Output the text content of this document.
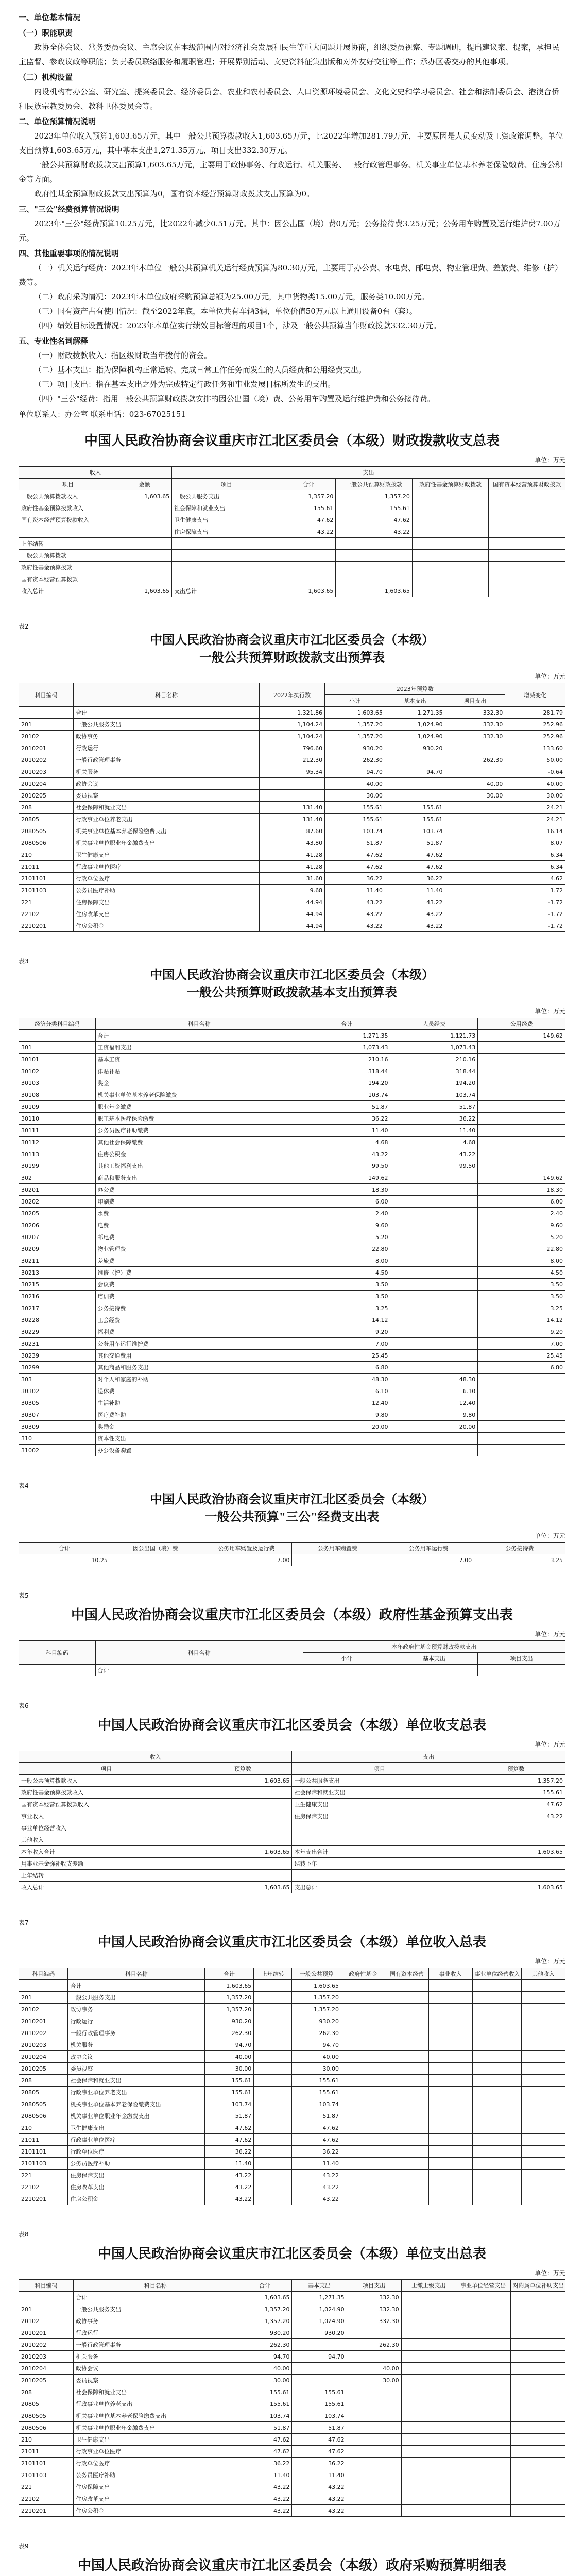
一、单位基本情况

（一）职能职责

政协全体会议、常务委员会议、主席会议在本级范围内对经济社会发展和民生等重大问题开展协商，组织委员视察、专题调研，提出建议案、提案，承担民主监督、参政议政等职能；负责委员联络服务和履职管理；开展界别活动、文史资料征集出版和对外友好交往等工作；承办区委交办的其他事项。

（二）机构设置

内设机构有办公室、研究室、提案委员会、经济委员会、农业和农村委员会、人口资源环境委员会、文化文史和学习委员会、社会和法制委员会、港澳台侨和民族宗教委员会、教科卫体委员会等。

二、单位预算情况说明

2023年单位收入预算1,603.65万元，其中一般公共预算拨款收入1,603.65万元，比2022年增加281.79万元，主要原因是人员变动及工资政策调整。单位支出预算1,603.65万元，其中基本支出1,271.35万元、项目支出332.30万元。

一般公共预算财政拨款支出预算1,603.65万元，主要用于政协事务、行政运行、机关服务、一般行政管理事务、机关事业单位基本养老保险缴费、住房公积金等方面。

政府性基金预算财政拨款支出预算为0，国有资本经营预算财政拨款支出预算为0。

三、"三公"经费预算情况说明

2023年"三公"经费预算10.25万元，比2022年减少0.51万元。其中：因公出国（境）费0万元；公务接待费3.25万元；公务用车购置及运行维护费7.00万元。

四、其他重要事项的情况说明

（一）机关运行经费：2023年本单位一般公共预算机关运行经费预算为80.30万元，主要用于办公费、水电费、邮电费、物业管理费、差旅费、维修（护）费等。

（二）政府采购情况：2023年本单位政府采购预算总额为25.00万元，其中货物类15.00万元，服务类10.00万元。

（三）国有资产占有使用情况：截至2022年底，本单位共有车辆3辆，单位价值50万元以上通用设备0台（套）。

（四）绩效目标设置情况：2023年本单位实行绩效目标管理的项目1个，涉及一般公共预算当年财政拨款332.30万元。

五、专业性名词解释

（一）财政拨款收入：指区级财政当年拨付的资金。

（二）基本支出：指为保障机构正常运转、完成日常工作任务而发生的人员经费和公用经费支出。

（三）项目支出：指在基本支出之外为完成特定行政任务和事业发展目标所发生的支出。

（四）"三公"经费：指用一般公共预算财政拨款安排的因公出国（境）费、公务用车购置及运行维护费和公务接待费。

单位联系人：办公室 联系电话：023-67025151

中国人民政治协商会议重庆市江北区委员会（本级）财政拨款收支总表
单位：万元
收入		支出				
项目	金额	项目	合计	一般公共预算财政拨款	政府性基金预算财政拨款	国有资本经营预算财政拨款
一般公共预算拨款收入	1,603.65	一般公共服务支出	1,357.20	1,357.20		
政府性基金预算拨款收入		社会保障和就业支出	155.61	155.61		
国有资本经营预算拨款收入		卫生健康支出	47.62	47.62		
		住房保障支出	43.22	43.22		
上年结转						
一般公共预算拨款						
政府性基金预算拨款						
国有资本经营预算拨款						
收入总计	1,603.65	支出总计	1,603.65	1,603.65		
表2
中国人民政治协商会议重庆市江北区委员会（本级）
一般公共预算财政拨款支出预算表
单位：万元
科目编码	科目名称	2022年执行数	2023年预算数			增减变化
			小计	基本支出	项目支出	
	合计	1,321.86	1,603.65	1,271.35	332.30	281.79
201	一般公共服务支出	1,104.24	1,357.20	1,024.90	332.30	252.96
20102	政协事务	1,104.24	1,357.20	1,024.90	332.30	252.96
2010201	行政运行	796.60	930.20	930.20		133.60
2010202	一般行政管理事务	212.30	262.30		262.30	50.00
2010203	机关服务	95.34	94.70	94.70		-0.64
2010204	政协会议		40.00		40.00	40.00
2010205	委员视察		30.00		30.00	30.00
208	社会保障和就业支出	131.40	155.61	155.61		24.21
20805	行政事业单位养老支出	131.40	155.61	155.61		24.21
2080505	机关事业单位基本养老保险缴费支出	87.60	103.74	103.74		16.14
2080506	机关事业单位职业年金缴费支出	43.80	51.87	51.87		8.07
210	卫生健康支出	41.28	47.62	47.62		6.34
21011	行政事业单位医疗	41.28	47.62	47.62		6.34
2101101	行政单位医疗	31.60	36.22	36.22		4.62
2101103	公务员医疗补助	9.68	11.40	11.40		1.72
221	住房保障支出	44.94	43.22	43.22		-1.72
22102	住房改革支出	44.94	43.22	43.22		-1.72
2210201	住房公积金	44.94	43.22	43.22		-1.72
表3
中国人民政治协商会议重庆市江北区委员会（本级）
一般公共预算财政拨款基本支出预算表
单位：万元
经济分类科目编码	科目名称	合计	人员经费	公用经费
	合计	1,271.35	1,121.73	149.62
301	工资福利支出	1,073.43	1,073.43	
30101	基本工资	210.16	210.16	
30102	津贴补贴	318.44	318.44	
30103	奖金	194.20	194.20	
30108	机关事业单位基本养老保险缴费	103.74	103.74	
30109	职业年金缴费	51.87	51.87	
30110	职工基本医疗保险缴费	36.22	36.22	
30111	公务员医疗补助缴费	11.40	11.40	
30112	其他社会保障缴费	4.68	4.68	
30113	住房公积金	43.22	43.22	
30199	其他工资福利支出	99.50	99.50	
302	商品和服务支出	149.62		149.62
30201	办公费	18.30		18.30
30202	印刷费	6.00		6.00
30205	水费	2.40		2.40
30206	电费	9.60		9.60
30207	邮电费	5.20		5.20
30209	物业管理费	22.80		22.80
30211	差旅费	8.00		8.00
30213	维修（护）费	4.50		4.50
30215	会议费	3.50		3.50
30216	培训费	3.50		3.50
30217	公务接待费	3.25		3.25
30228	工会经费	14.12		14.12
30229	福利费	9.20		9.20
30231	公务用车运行维护费	7.00		7.00
30239	其他交通费用	25.45		25.45
30299	其他商品和服务支出	6.80		6.80
303	对个人和家庭的补助	48.30	48.30	
30302	退休费	6.10	6.10	
30305	生活补助	12.40	12.40	
30307	医疗费补助	9.80	9.80	
30309	奖励金	20.00	20.00	
310	资本性支出			
31002	办公设备购置			
表4
中国人民政治协商会议重庆市江北区委员会（本级）
一般公共预算"三公"经费支出表
单位：万元
合计	因公出国（境）费	公务用车购置及运行费	公务用车购置费	公务用车运行费	公务接待费
10.25		7.00		7.00	3.25
表5
中国人民政治协商会议重庆市江北区委员会（本级）政府性基金预算支出表
单位：万元
科目编码	科目名称	本年政府性基金预算财政拨款支出		
		小计	基本支出	项目支出
	合计			
表6
中国人民政治协商会议重庆市江北区委员会（本级）单位收支总表
单位：万元
收入		支出	
项目	预算数	项目	预算数
一般公共预算拨款收入	1,603.65	一般公共服务支出	1,357.20
政府性基金预算拨款收入		社会保障和就业支出	155.61
国有资本经营预算拨款收入		卫生健康支出	47.62
事业收入		住房保障支出	43.22
事业单位经营收入			
其他收入			
本年收入合计	1,603.65	本年支出合计	1,603.65
用事业基金弥补收支差额		结转下年	
上年结转			
收入总计	1,603.65	支出总计	1,603.65
表7
中国人民政治协商会议重庆市江北区委员会（本级）单位收入总表
单位：万元
科目编码	科目名称	合计	上年结转	一般公共预算	政府性基金	国有资本经营	事业收入	事业单位经营收入	其他收入
	合计	1,603.65		1,603.65					
201	一般公共服务支出	1,357.20		1,357.20					
20102	政协事务	1,357.20		1,357.20					
2010201	行政运行	930.20		930.20					
2010202	一般行政管理事务	262.30		262.30					
2010203	机关服务	94.70		94.70					
2010204	政协会议	40.00		40.00					
2010205	委员视察	30.00		30.00					
208	社会保障和就业支出	155.61		155.61					
20805	行政事业单位养老支出	155.61		155.61					
2080505	机关事业单位基本养老保险缴费支出	103.74		103.74					
2080506	机关事业单位职业年金缴费支出	51.87		51.87					
210	卫生健康支出	47.62		47.62					
21011	行政事业单位医疗	47.62		47.62					
2101101	行政单位医疗	36.22		36.22					
2101103	公务员医疗补助	11.40		11.40					
221	住房保障支出	43.22		43.22					
22102	住房改革支出	43.22		43.22					
2210201	住房公积金	43.22		43.22					
表8
中国人民政治协商会议重庆市江北区委员会（本级）单位支出总表
单位：万元
科目编码	科目名称	合计	基本支出	项目支出	上缴上级支出	事业单位经营支出	对附属单位补助支出
	合计	1,603.65	1,271.35	332.30			
201	一般公共服务支出	1,357.20	1,024.90	332.30			
20102	政协事务	1,357.20	1,024.90	332.30			
2010201	行政运行	930.20	930.20				
2010202	一般行政管理事务	262.30		262.30			
2010203	机关服务	94.70	94.70				
2010204	政协会议	40.00		40.00			
2010205	委员视察	30.00		30.00			
208	社会保障和就业支出	155.61	155.61				
20805	行政事业单位养老支出	155.61	155.61				
2080505	机关事业单位基本养老保险缴费支出	103.74	103.74				
2080506	机关事业单位职业年金缴费支出	51.87	51.87				
210	卫生健康支出	47.62	47.62				
21011	行政事业单位医疗	47.62	47.62				
2101101	行政单位医疗	36.22	36.22				
2101103	公务员医疗补助	11.40	11.40				
221	住房保障支出	43.22	43.22				
22102	住房改革支出	43.22	43.22				
2210201	住房公积金	43.22	43.22				
表9
中国人民政治协商会议重庆市江北区委员会（本级）政府采购预算明细表
